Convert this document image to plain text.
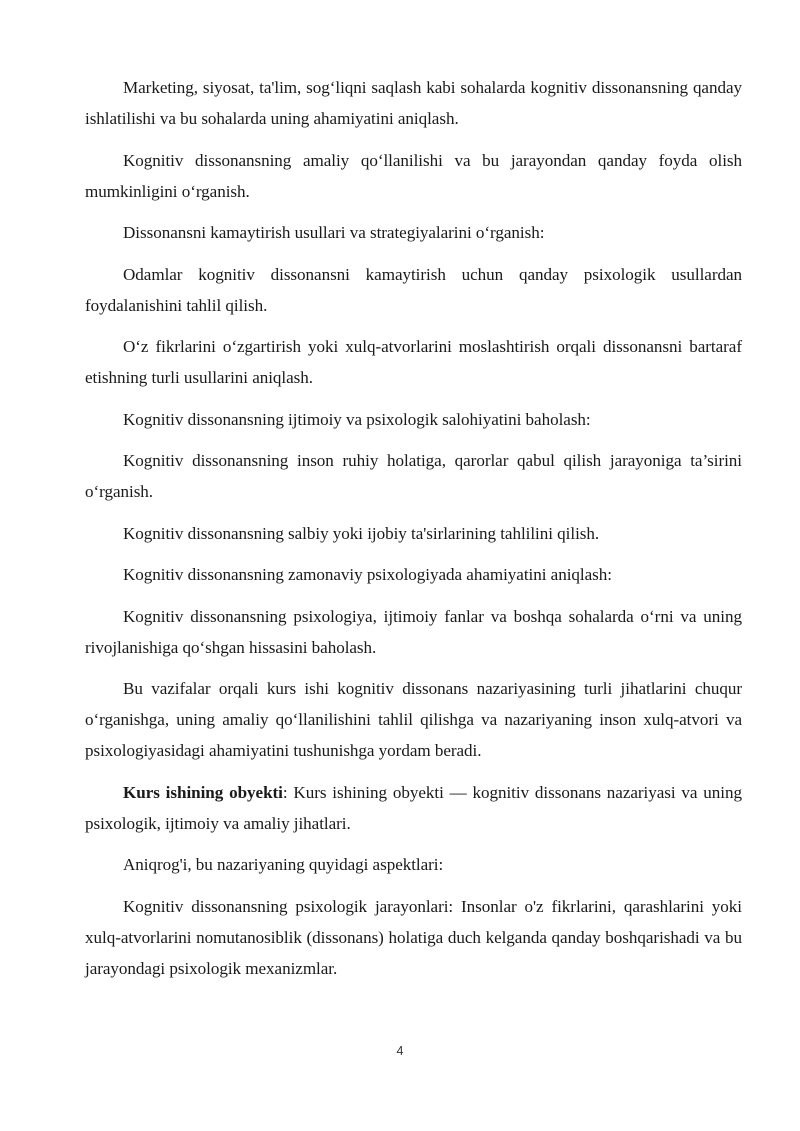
Marketing, siyosat, ta'lim, sog‘liqni saqlash kabi sohalarda kognitiv dissonansning qanday ishlatilishi va bu sohalarda uning ahamiyatini aniqlash.

Kognitiv dissonansning amaliy qo‘llanilishi va bu jarayondan qanday foyda olish mumkinligini o‘rganish.

Dissonansni kamaytirish usullari va strategiyalarini o‘rganish:

Odamlar kognitiv dissonansni kamaytirish uchun qanday psixologik usullardan foydalanishini tahlil qilish.

O‘z fikrlarini o‘zgartirish yoki xulq-atvorlarini moslashtirish orqali dissonansni bartaraf etishning turli usullarini aniqlash.

Kognitiv dissonansning ijtimoiy va psixologik salohiyatini baholash:

Kognitiv dissonansning inson ruhiy holatiga, qarorlar qabul qilish jarayoniga ta’sirini o‘rganish.

Kognitiv dissonansning salbiy yoki ijobiy ta'sirlarining tahlilini qilish.

Kognitiv dissonansning zamonaviy psixologiyada ahamiyatini aniqlash:

Kognitiv dissonansning psixologiya, ijtimoiy fanlar va boshqa sohalarda o‘rni va uning rivojlanishiga qo‘shgan hissasini baholash.

Bu vazifalar orqali kurs ishi kognitiv dissonans nazariyasining turli jihatlarini chuqur o‘rganishga, uning amaliy qo‘llanilishini tahlil qilishga va nazariyaning inson xulq-atvori va psixologiyasidagi ahamiyatini tushunishga yordam beradi.

Kurs ishining obyekti: Kurs ishining obyekti — kognitiv dissonans nazariyasi va uning psixologik, ijtimoiy va amaliy jihatlari.

Aniqrog'i, bu nazariyaning quyidagi aspektlari:

Kognitiv dissonansning psixologik jarayonlari: Insonlar o'z fikrlarini, qarashlarini yoki xulq-atvorlarini nomutanosiblik (dissonans) holatiga duch kelganda qanday boshqarishadi va bu jarayondagi psixologik mexanizmlar.

4
